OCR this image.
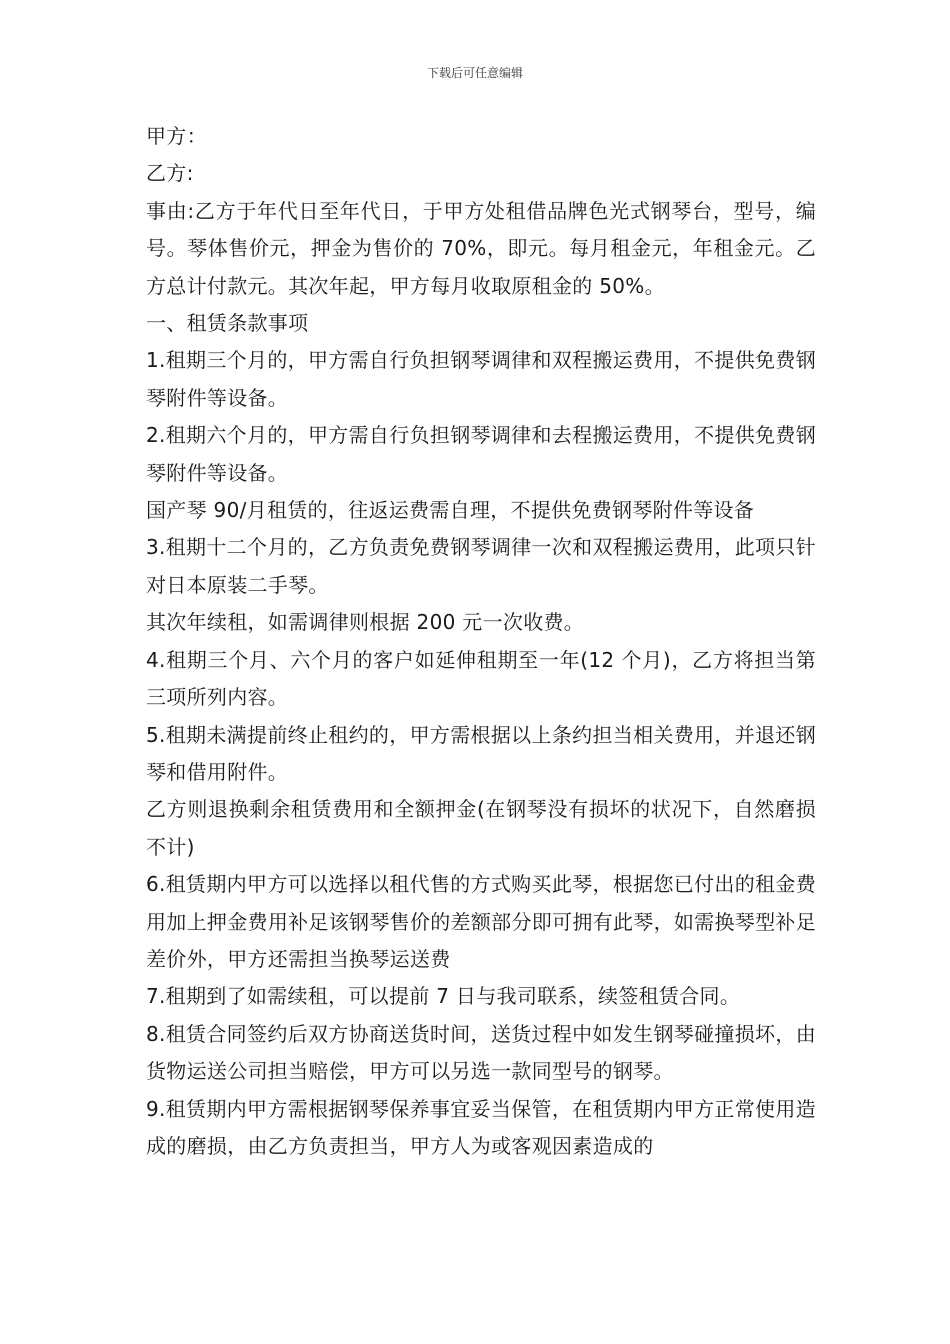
下载后可任意编辑

甲方：

乙方:

事由:乙方于年代日至年代日，于甲方处租借品牌色光式钢琴台，型号，编号。琴体售价元，押金为售价的 70%，即元。每月租金元，年租金元。乙方总计付款元。其次年起，甲方每月收取原租金的 50%。

一、租赁条款事项

1.租期三个月的，甲方需自行负担钢琴调律和双程搬运费用，不提供免费钢琴附件等设备。

2.租期六个月的，甲方需自行负担钢琴调律和去程搬运费用，不提供免费钢琴附件等设备。

国产琴 90/月租赁的，往返运费需自理，不提供免费钢琴附件等设备

3.租期十二个月的，乙方负责免费钢琴调律一次和双程搬运费用，此项只针对日本原装二手琴。

其次年续租，如需调律则根据 200 元一次收费。

4.租期三个月、六个月的客户如延伸租期至一年(12 个月)，乙方将担当第三项所列内容。

5.租期未满提前终止租约的，甲方需根据以上条约担当相关费用，并退还钢琴和借用附件。

乙方则退换剩余租赁费用和全额押金(在钢琴没有损坏的状况下，自然磨损不计)

6.租赁期内甲方可以选择以租代售的方式购买此琴，根据您已付出的租金费用加上押金费用补足该钢琴售价的差额部分即可拥有此琴，如需换琴型补足差价外，甲方还需担当换琴运送费

7.租期到了如需续租，可以提前 7 日与我司联系，续签租赁合同。

8.租赁合同签约后双方协商送货时间，送货过程中如发生钢琴碰撞损坏，由货物运送公司担当赔偿，甲方可以另选一款同型号的钢琴。

9.租赁期内甲方需根据钢琴保养事宜妥当保管，在租赁期内甲方正常使用造成的磨损，由乙方负责担当，甲方人为或客观因素造成的
